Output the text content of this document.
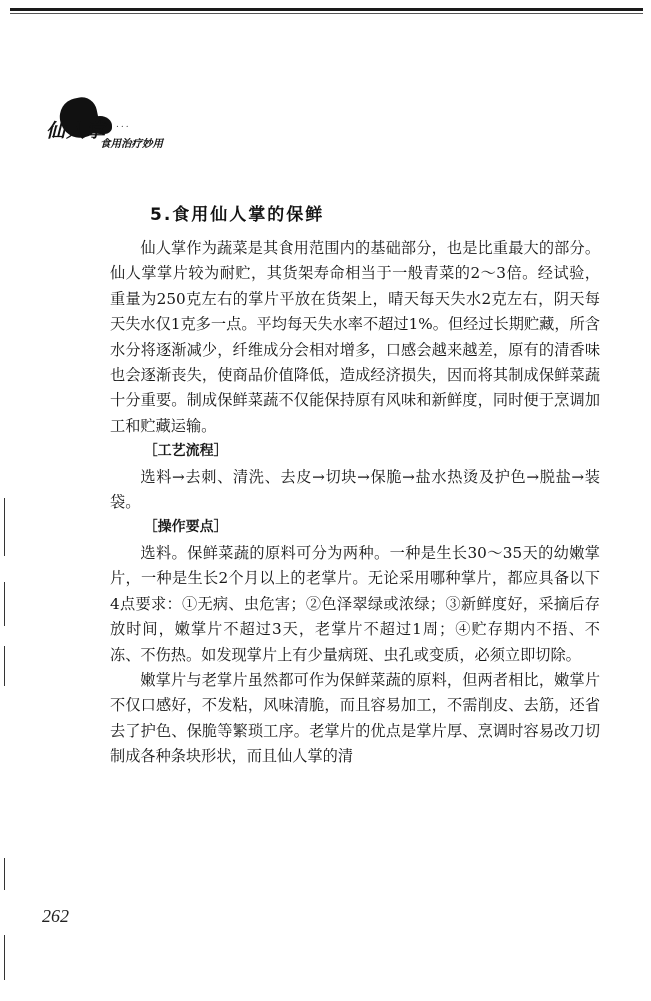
仙人掌 ...
食用治疗妙用
5.食用仙人掌的保鲜

仙人掌作为蔬菜是其食用范围内的基础部分，也是比重最大的部分。仙人掌掌片较为耐贮，其货架寿命相当于一般青菜的2～3倍。经试验，重量为250克左右的掌片平放在货架上，晴天每天失水2克左右，阴天每天失水仅1克多一点。平均每天失水率不超过1%。但经过长期贮藏，所含水分将逐渐减少，纤维成分会相对增多，口感会越来越差，原有的清香味也会逐渐丧失，使商品价值降低，造成经济损失，因而将其制成保鲜菜蔬十分重要。制成保鲜菜蔬不仅能保持原有风味和新鲜度，同时便于烹调加工和贮藏运输。

［工艺流程］

选料→去刺、清洗、去皮→切块→保脆→盐水热烫及护色→脱盐→装袋。

［操作要点］

选料。保鲜菜蔬的原料可分为两种。一种是生长30～35天的幼嫩掌片，一种是生长2个月以上的老掌片。无论采用哪种掌片，都应具备以下4点要求：①无病、虫危害；②色泽翠绿或浓绿；③新鲜度好，采摘后存放时间，嫩掌片不超过3天，老掌片不超过1周；④贮存期内不捂、不冻、不伤热。如发现掌片上有少量病斑、虫孔或变质，必须立即切除。

嫩掌片与老掌片虽然都可作为保鲜菜蔬的原料，但两者相比，嫩掌片不仅口感好，不发粘，风味清脆，而且容易加工，不需削皮、去筋，还省去了护色、保脆等繁琐工序。老掌片的优点是掌片厚、烹调时容易改刀切制成各种条块形状，而且仙人掌的清

262
